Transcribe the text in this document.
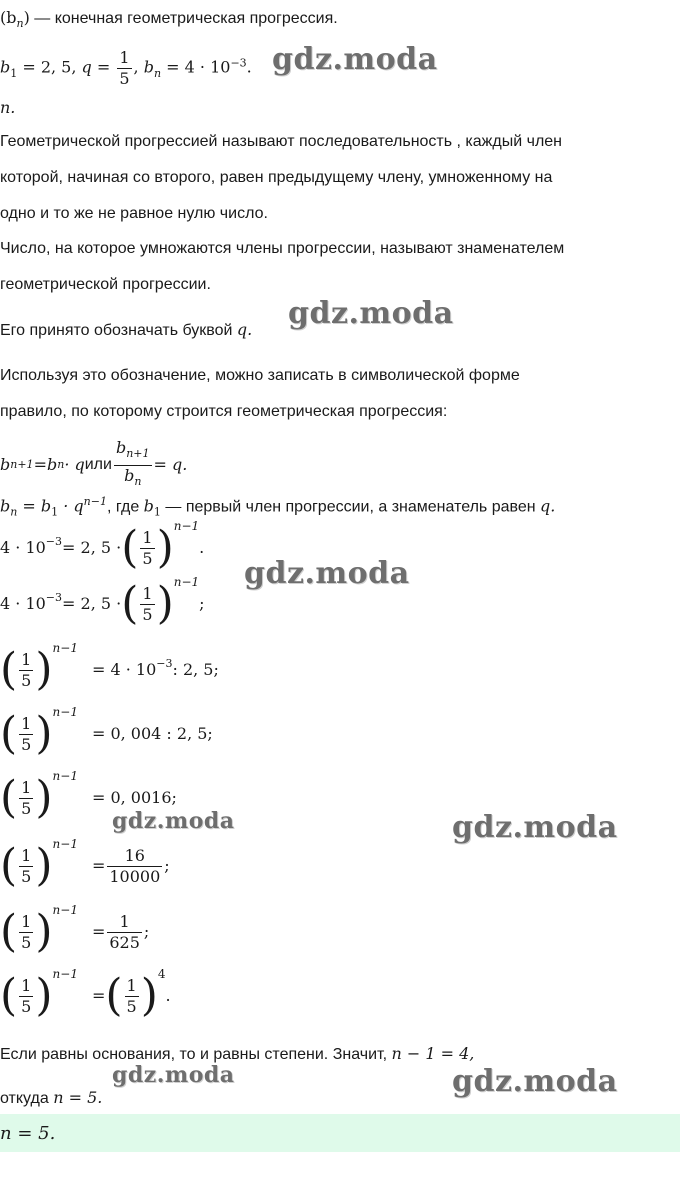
$(b_n)$ — конечная геометрическая прогрессия.
$b_1 = 2$, 5, $q = \frac{1}{5}$ , $b_n = 4 \cdot 10^{-3}$. gdz.moda
n.
Геометрической прогрессией называют последовательность , каждый член
которой, начиная со второго, равен предыдущему члену, умноженному на
одно и то же не равное нулю число.
Число, на которое умножаются члены прогрессии, называют знаменателем
геометрической прогрессии.
Его принято обозначать буквой q. gdz.moda
Используя это обозначение, можно записать в символической форме
правило, по которому строится геометрическая прогрессия:
b n+1 = b n · q или $\frac{b_{n+1}}{b_n} = q$.
$b_n = b_1 \cdot q^{n-1}$, где $b_1$ — первый член прогрессии, а знаменатель равен q.
$4 \cdot 10^{-3} = 2$, 5 · ( $\frac{1}{5}$ ) n−1
.
$4 \cdot 10^{-3} = 2$, 5 · ( $\frac{1}{5}$ ) n−1
;
gdz.moda
( $\frac{1}{5}$ ) n−1
= $4 \cdot 10^{-3}$ : 2, 5;
( $\frac{1}{5}$ ) n−1
= 0, 004 : 2, 5;
( $\frac{1}{5}$ ) n−1
= 0, 0016;
gdz.moda	gdz.moda
( $\frac{1}{5}$ ) n−1
= $\frac{16}{10000}$ ;
( $\frac{1}{5}$ ) n−1
= $\frac{1}{625}$ ;
( $\frac{1}{5}$ ) n−1
= ( $\frac{1}{5}$ ) 4
.
Если равны основания, то и равны степени. Значит, n − 1 = 4,
откуда n = 5.
gdz.moda	gdz.moda
n = 5.
